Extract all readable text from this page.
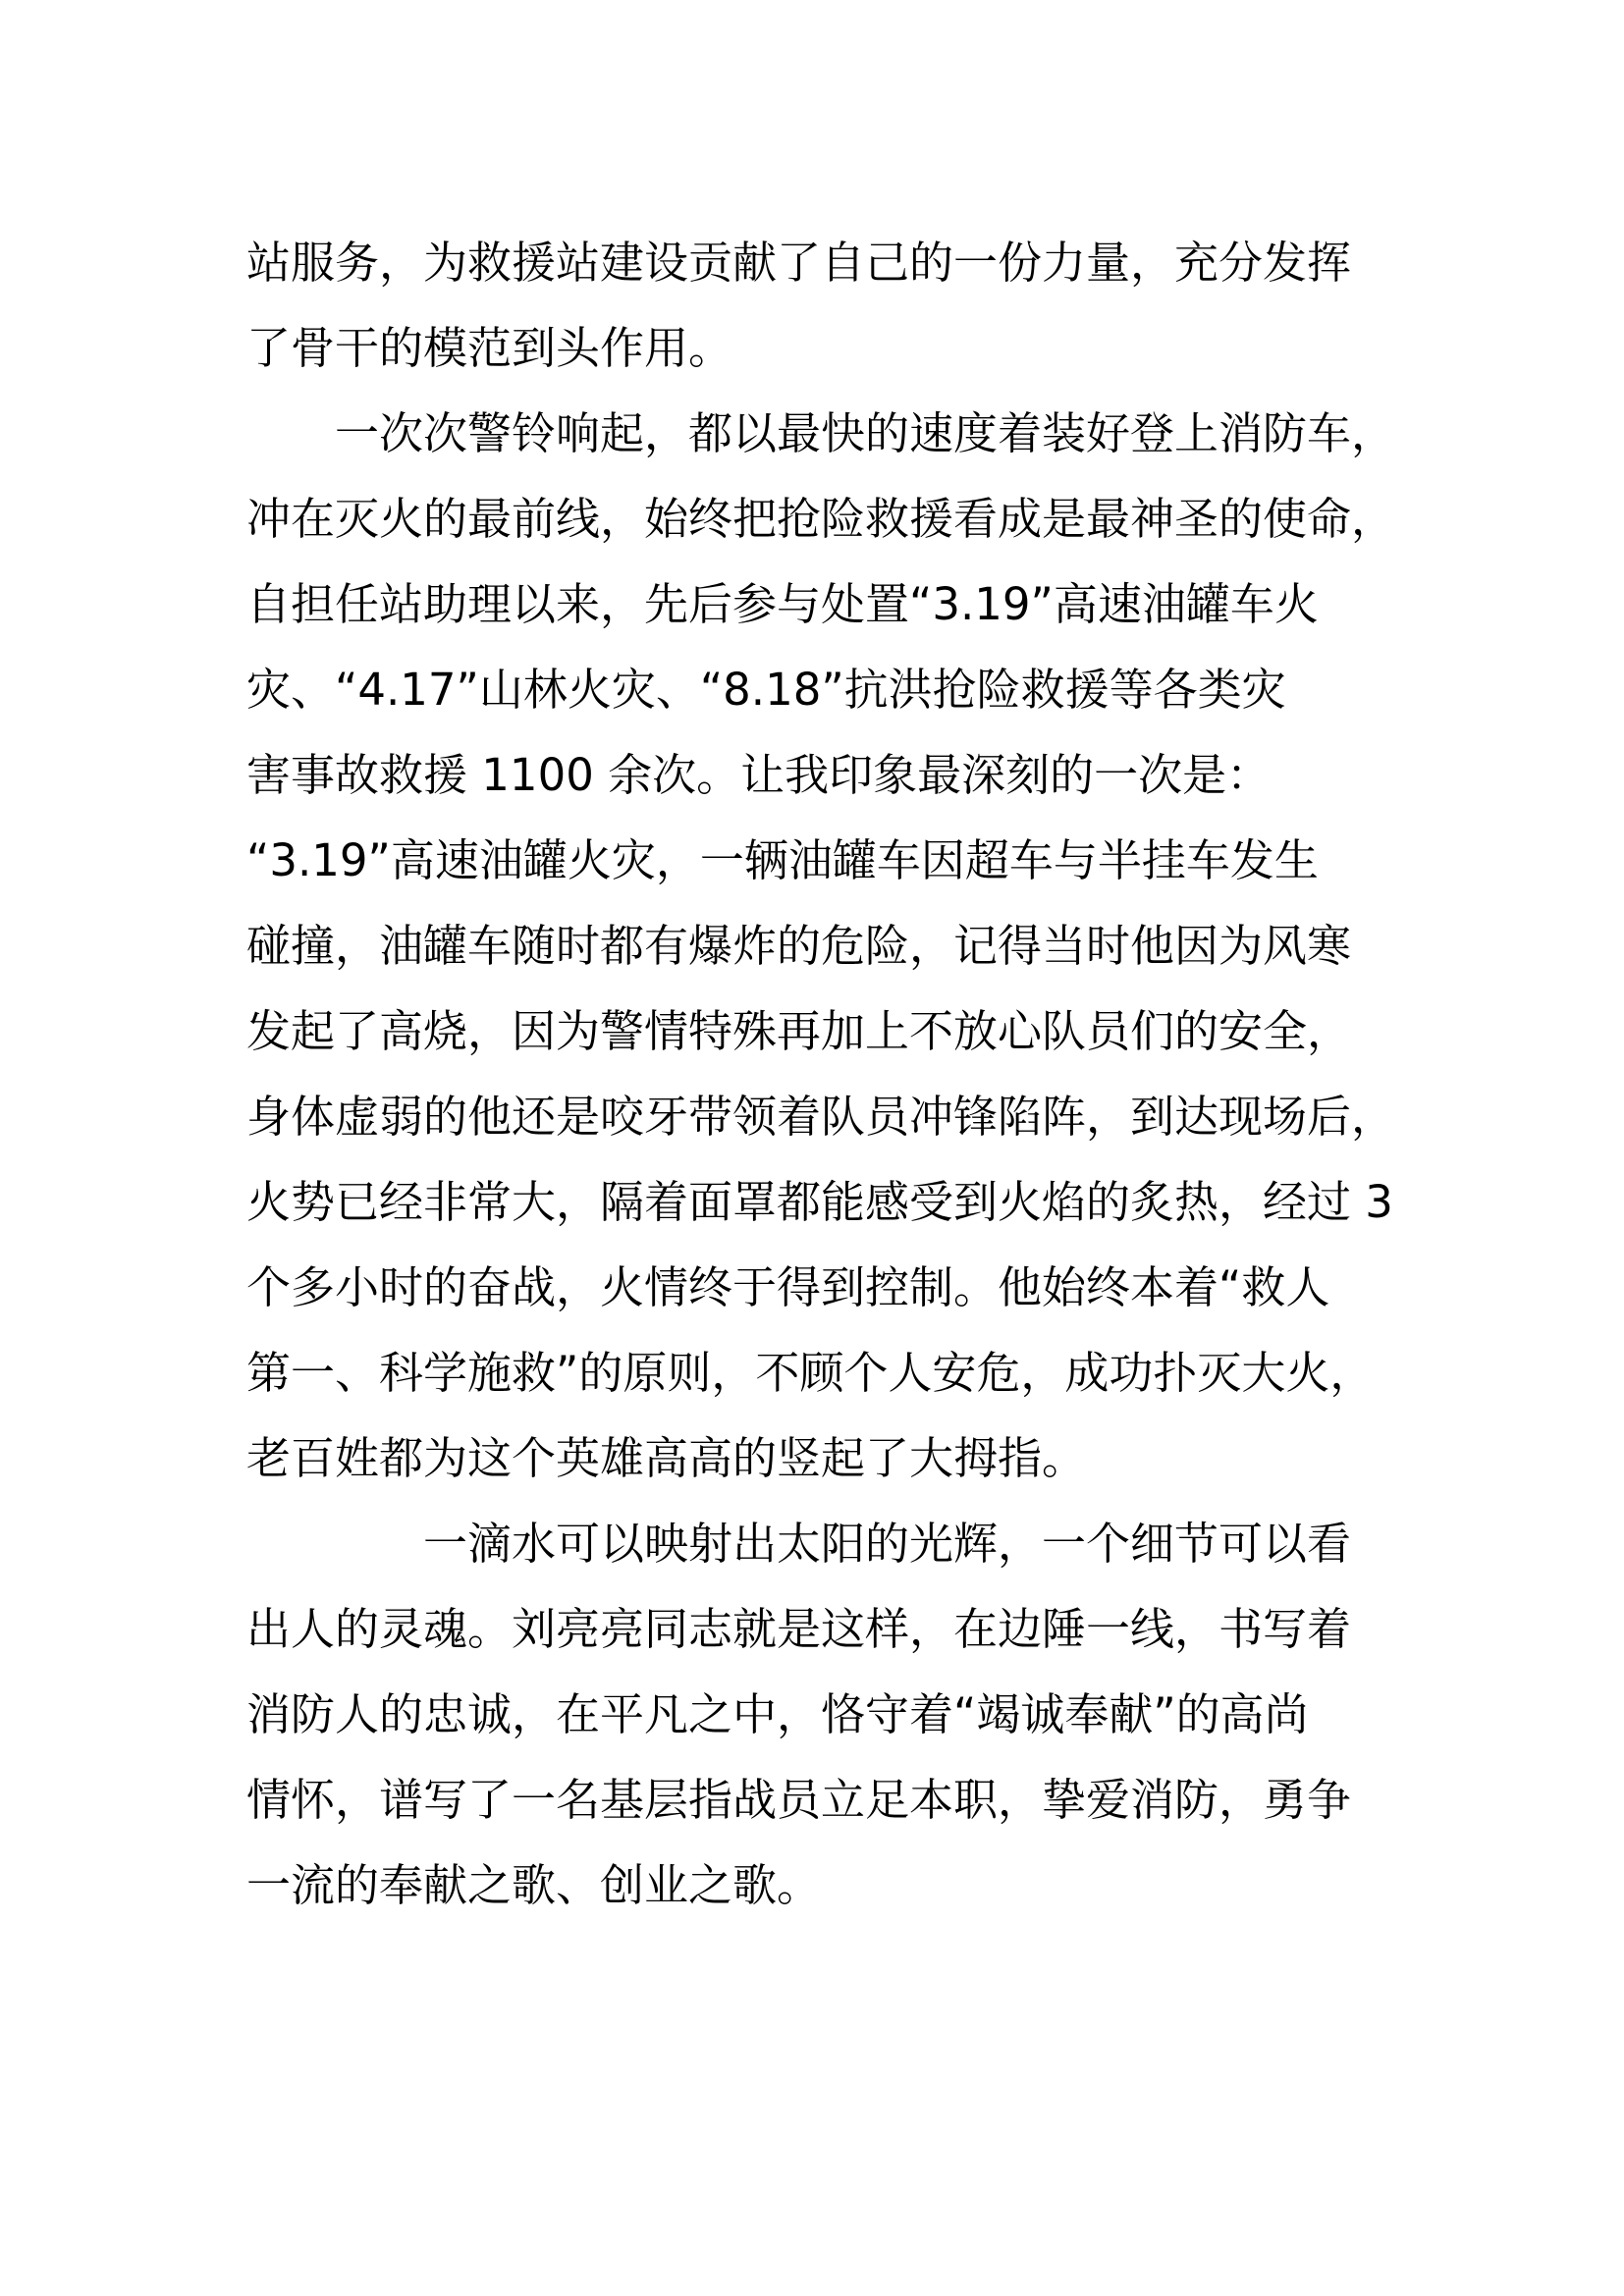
站服务，为救援站建设贡献了自己的一份力量，充分发挥

了骨干的模范到头作用。

一次次警铃响起，都以最快的速度着装好登上消防车，

冲在灭火的最前线，始终把抢险救援看成是最神圣的使命，

自担任站助理以来，先后参与处置“3.19”高速油罐车火

灾、“4.17”山林火灾、“8.18”抗洪抢险救援等各类灾

害事故救援 1100 余次。让我印象最深刻的一次是：

“3.19”高速油罐火灾，一辆油罐车因超车与半挂车发生

碰撞，油罐车随时都有爆炸的危险，记得当时他因为风寒

发起了高烧，因为警情特殊再加上不放心队员们的安全，

身体虚弱的他还是咬牙带领着队员冲锋陷阵，到达现场后，

火势已经非常大，隔着面罩都能感受到火焰的炙热，经过 3

个多小时的奋战，火情终于得到控制。他始终本着“救人

第一、科学施救”的原则，不顾个人安危，成功扑灭大火，

老百姓都为这个英雄高高的竖起了大拇指。

一滴水可以映射出太阳的光辉，一个细节可以看

出人的灵魂。刘亮亮同志就是这样，在边陲一线，书写着

消防人的忠诚，在平凡之中，恪守着“竭诚奉献”的高尚

情怀，谱写了一名基层指战员立足本职，挚爱消防，勇争

一流的奉献之歌、创业之歌。
